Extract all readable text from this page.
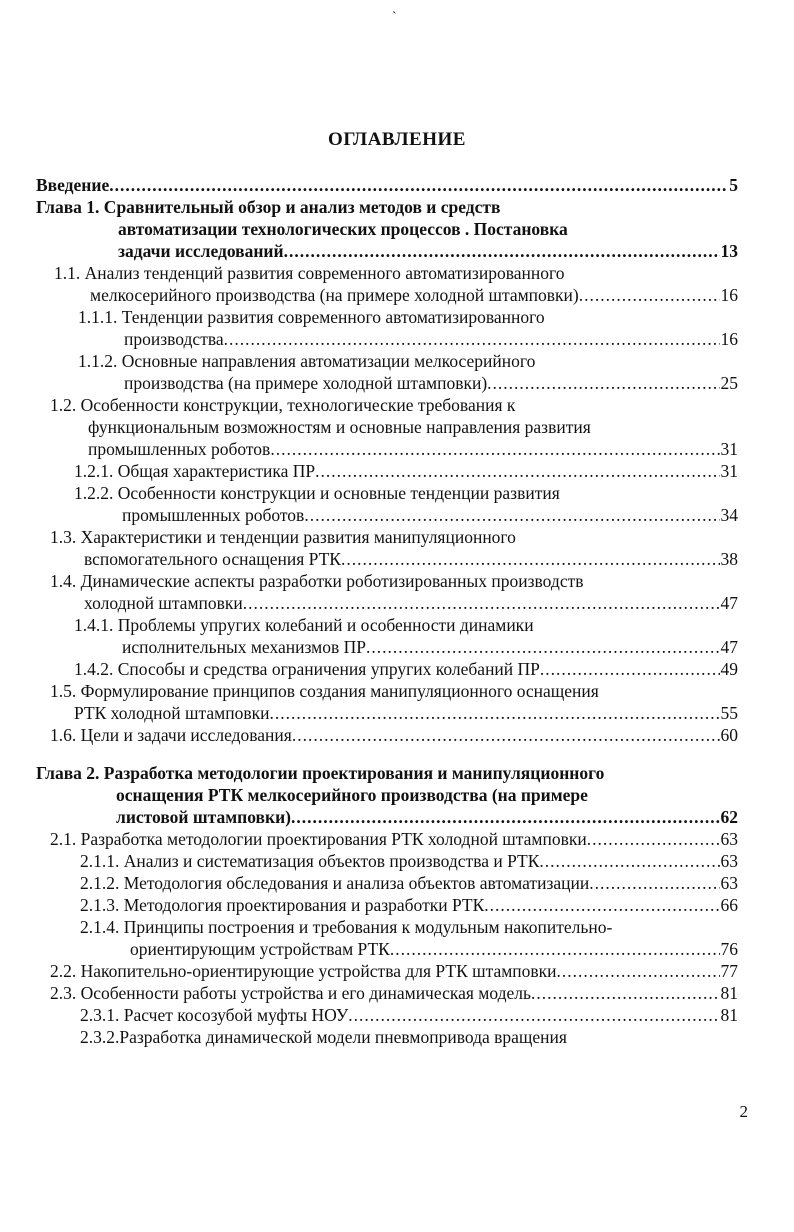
`
ОГЛАВЛЕНИЕ
Введение .....	5
Глава 1. Сравнительный обзор и анализ методов и средств
автоматизации технологических процессов . Постановка
задачи исследований .....	13
1.1. Анализ тенденций развития современного автоматизированного
мелкосерийного производства (на примере холодной штамповки) .....	16
1.1.1. Тенденции развития современного автоматизированного
производства .....	16
1.1.2. Основные направления автоматизации мелкосерийного
производства (на примере холодной штамповки) .....	25
1.2. Особенности конструкции, технологические требования к
функциональным возможностям и основные направления развития
промышленных роботов .....	31
1.2.1. Общая характеристика ПР .....	31
1.2.2. Особенности конструкции и основные тенденции развития
промышленных роботов .....	34
1.3. Характеристики и тенденции развития манипуляционного
вспомогательного оснащения РТК .....	38
1.4. Динамические аспекты разработки роботизированных производств
холодной штамповки .....	47
1.4.1. Проблемы упругих колебаний и особенности динамики
исполнительных механизмов ПР .....	47
1.4.2. Способы и средства ограничения упругих колебаний ПР .....	49
1.5. Формулирование принципов создания манипуляционного оснащения
РТК холодной штамповки .....	55
1.6. Цели и задачи исследования .....	60
Глава 2. Разработка методологии проектирования и манипуляционного
оснащения РТК мелкосерийного производства (на примере
листовой штамповки) .....	62
2.1. Разработка методологии проектирования РТК холодной штамповки .....	63
2.1.1. Анализ и систематизация объектов производства и РТК .....	63
2.1.2. Методология обследования и анализа объектов автоматизации .....	63
2.1.3. Методология проектирования и разработки РТК .....	66
2.1.4. Принципы построения и требования к модульным накопительно-
ориентирующим устройствам РТК .....	76
2.2. Накопительно-ориентирующие устройства для РТК штамповки .....	77
2.3. Особенности работы устройства и его динамическая модель .....	81
2.3.1. Расчет косозубой муфты НОУ .....	81
2.3.2.Разработка динамической модели пневмопривода вращения
2
